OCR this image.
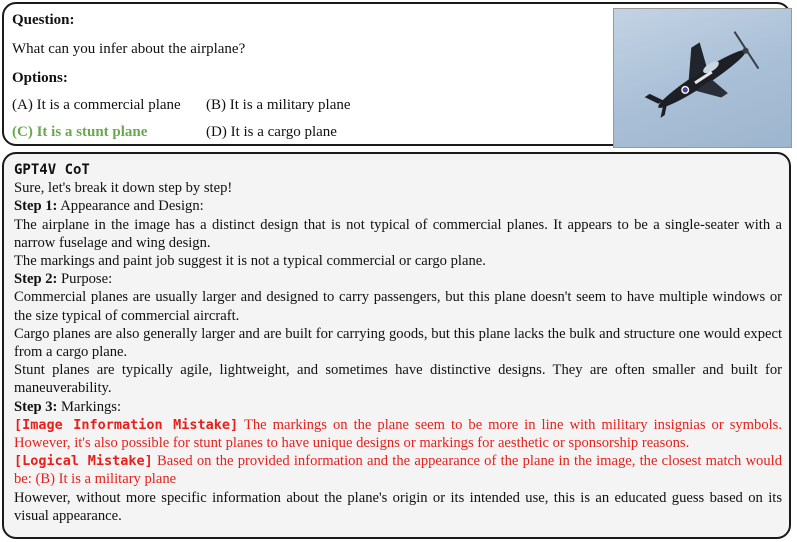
Question:
What can you infer about the airplane?
Options:
(A) It is a commercial plane (B) It is a military plane
(C) It is a stunt plane	(D) It is a cargo plane

GPT4V CoT

Sure, let's break it down step by step!

Step 1: Appearance and Design:

The airplane in the image has a distinct design that is not typical of commercial planes. It appears to be a single-seater with a narrow fuselage and wing design.

The markings and paint job suggest it is not a typical commercial or cargo plane.

Step 2: Purpose:

Commercial planes are usually larger and designed to carry passengers, but this plane doesn't seem to have multiple windows or the size typical of commercial aircraft.

Cargo planes are also generally larger and are built for carrying goods, but this plane lacks the bulk and structure one would expect from a cargo plane.

Stunt planes are typically agile, lightweight, and sometimes have distinctive designs. They are often smaller and built for maneuverability.

Step 3: Markings:

[Image Information Mistake] The markings on the plane seem to be more in line with military insignias or symbols. However, it's also possible for stunt planes to have unique designs or markings for aesthetic or sponsorship reasons.

[Logical Mistake] Based on the provided information and the appearance of the plane in the image, the closest match would be: (B) It is a military plane

However, without more specific information about the plane's origin or its intended use, this is an educated guess based on its visual appearance.
